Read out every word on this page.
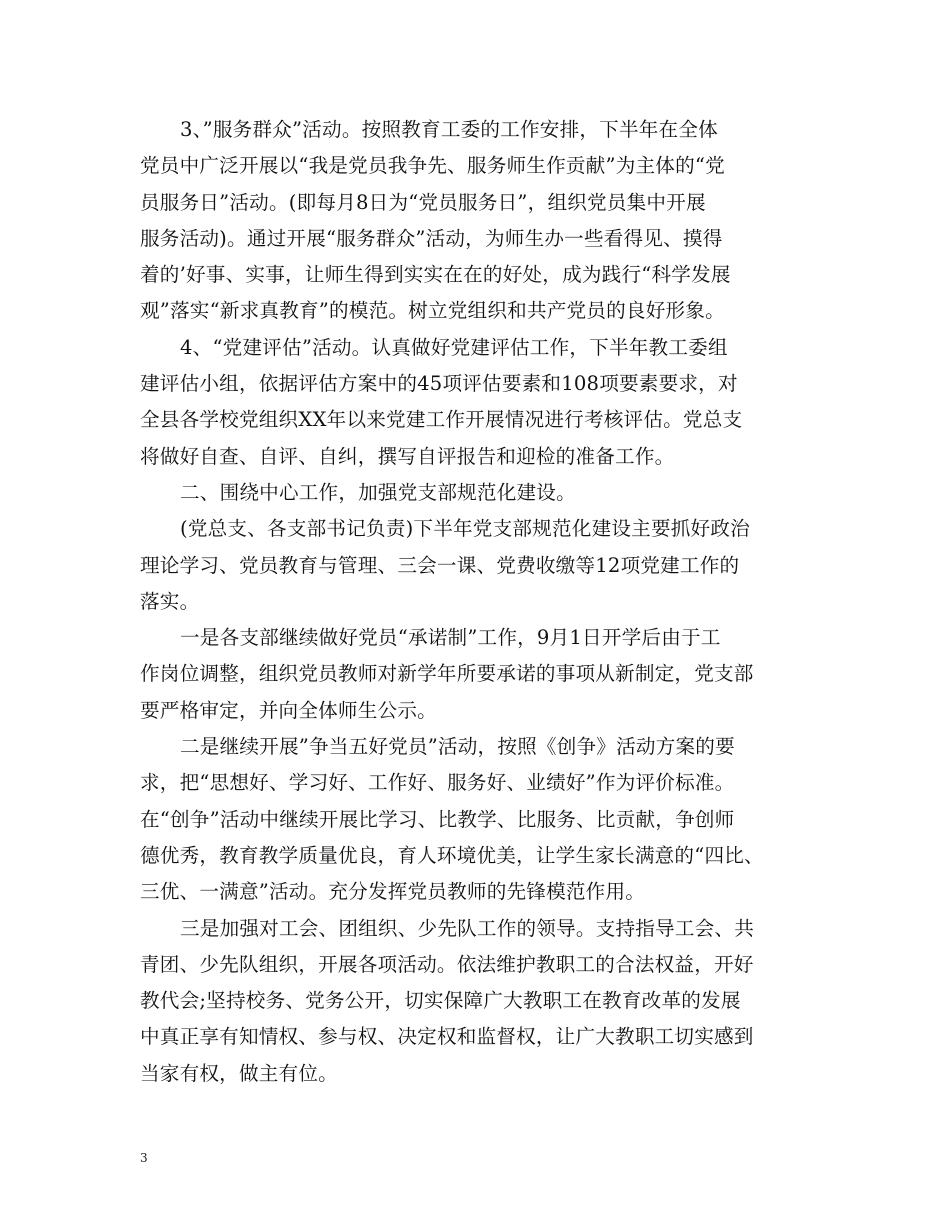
3、”服务群众”活动。按照教育工委的工作安排，下半年在全体
党员中广泛开展以“我是党员我争先、服务师生作贡献”为主体的“党
员服务日”活动。(即每月8日为“党员服务日”，组织党员集中开展
服务活动)。通过开展“服务群众”活动，为师生办一些看得见、摸得
着的’好事、实事，让师生得到实实在在的好处，成为践行“科学发展
观”落实“新求真教育”的模范。树立党组织和共产党员的良好形象。
4、“党建评估”活动。认真做好党建评估工作，下半年教工委组
建评估小组，依据评估方案中的45项评估要素和108项要素要求，对
全县各学校党组织XX年以来党建工作开展情况进行考核评估。党总支
将做好自查、自评、自纠，撰写自评报告和迎检的准备工作。
二、围绕中心工作，加强党支部规范化建设。
(党总支、各支部书记负责)下半年党支部规范化建设主要抓好政治
理论学习、党员教育与管理、三会一课、党费收缴等12项党建工作的
落实。
一是各支部继续做好党员“承诺制”工作，9月1日开学后由于工
作岗位调整，组织党员教师对新学年所要承诺的事项从新制定，党支部
要严格审定，并向全体师生公示。
二是继续开展”争当五好党员”活动，按照《创争》活动方案的要
求，把“思想好、学习好、工作好、服务好、业绩好”作为评价标准。
在“创争”活动中继续开展比学习、比教学、比服务、比贡献，争创师
德优秀，教育教学质量优良，育人环境优美，让学生家长满意的“四比、
三优、一满意”活动。充分发挥党员教师的先锋模范作用。
三是加强对工会、团组织、少先队工作的领导。支持指导工会、共
青团、少先队组织，开展各项活动。依法维护教职工的合法权益，开好
教代会;坚持校务、党务公开，切实保障广大教职工在教育改革的发展
中真正享有知情权、参与权、决定权和监督权，让广大教职工切实感到
当家有权，做主有位。
3
